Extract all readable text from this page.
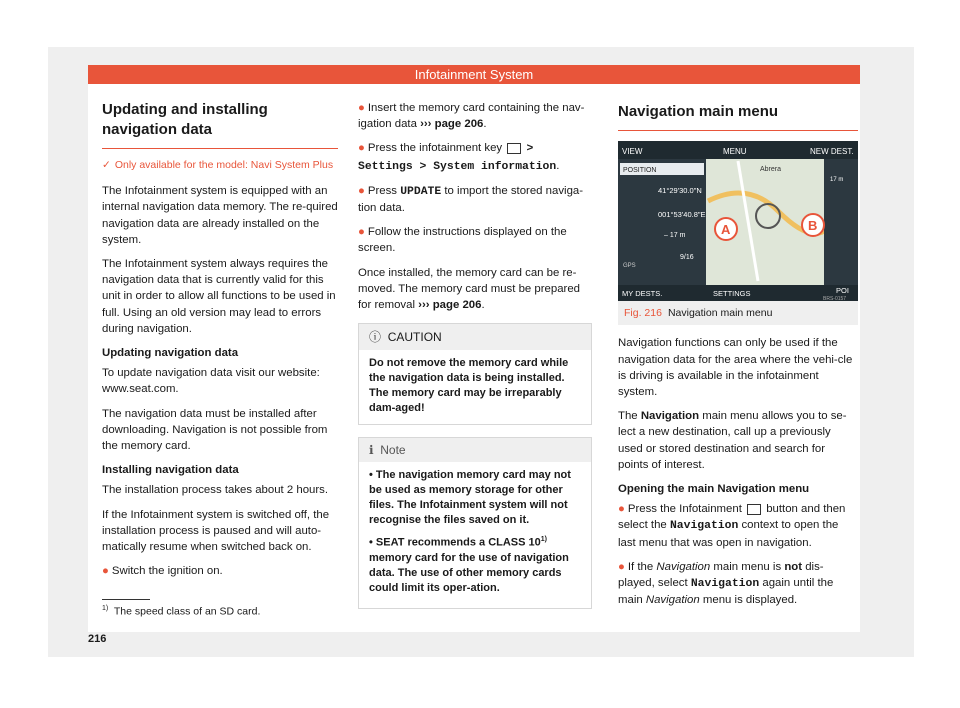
Infotainment System
Updating and installing navigation data
✓ Only available for the model: Navi System Plus

The Infotainment system is equipped with an internal navigation data memory. The re-quired navigation data are already installed on the system.

The Infotainment system always requires the navigation data that is currently valid for this unit in order to allow all functions to be used in full. Using an old version may lead to errors during navigation.

Updating navigation data

To update navigation data visit our website: www.seat.com.

The navigation data must be installed after downloading. Navigation is not possible from the memory card.

Installing navigation data

The installation process takes about 2 hours.

If the Infotainment system is switched off, the installation process is paused and will auto-matically resume when switched back on.

● Switch the ignition on.

● Insert the memory card containing the nav-igation data ››› page 206.

● Press the infotainment key > Settings > System information.

● Press UPDATE to import the stored naviga-tion data.

● Follow the instructions displayed on the screen.

Once installed, the memory card can be re-moved. The memory card must be prepared for removal ››› page 206.

ⓘ CAUTION
Do not remove the memory card while the navigation data is being installed. The memory card may be irreparably dam-aged!
ℹ Note

• The navigation memory card may not be used as memory storage for other files. The Infotainment system will not recognise the files saved on it.

• SEAT recommends a CLASS 10$^{1)}$ memory card for the use of navigation data. The use of other memory cards could limit its oper-ation.

Navigation main menu
VIEW	MENU	NEW DEST.
POSITION
41°29'30.0"N
001°53'40.8"E
– 17 m
9/16
GPS
Abrera
17 m
A	B
MY DESTS.	SETTINGS	POI
BRS-0157
Fig. 216 Navigation main menu

Navigation functions can only be used if the navigation data for the area where the vehi-cle is driving is available in the infotainment system.

The Navigation main menu allows you to se-lect a new destination, call up a previously used or stored destination and search for points of interest.

Opening the main Navigation menu

● Press the Infotainment button and then select the Navigation context to open the last menu that was open in navigation.

● If the Navigation main menu is not dis-played, select Navigation again until the main Navigation menu is displayed.

$^{1)}$ The speed class of an SD card.
216
